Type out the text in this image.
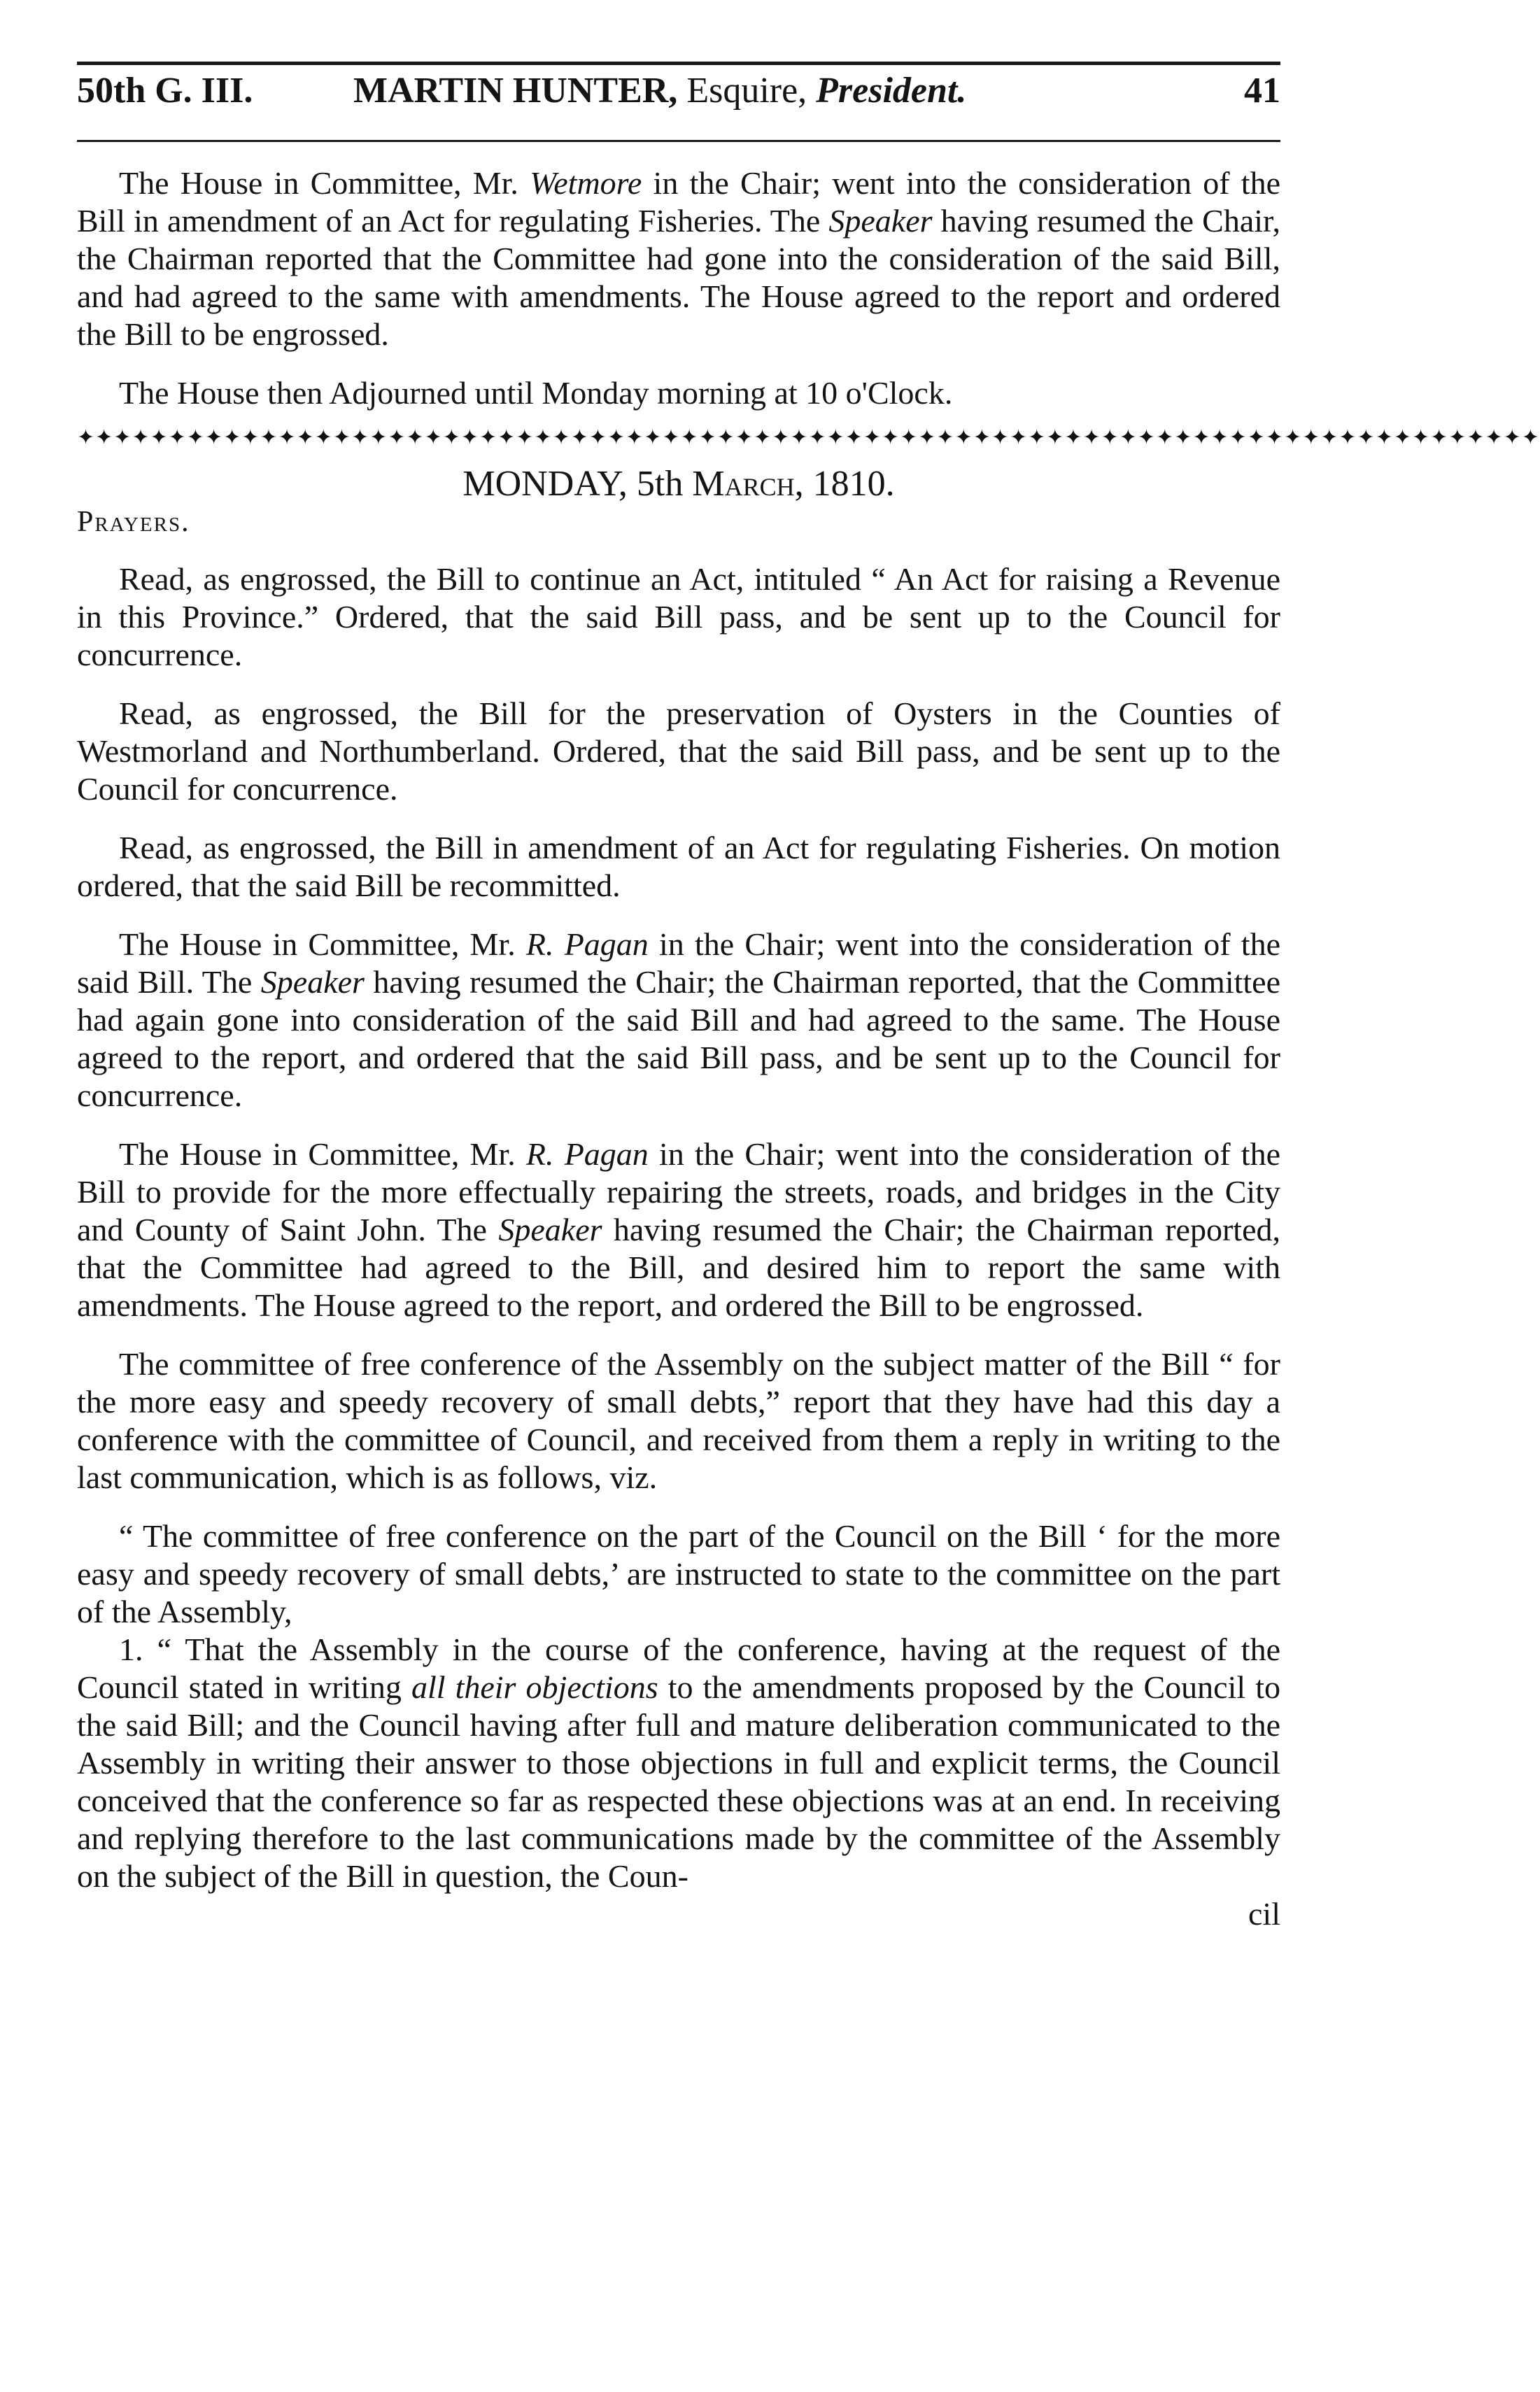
50th G. III.	MARTIN HUNTER, Esquire, President.	41

The House in Committee, Mr. Wetmore in the Chair; went into the consideration of the Bill in amendment of an Act for regulating Fisheries. The Speaker having resumed the Chair, the Chairman reported that the Committee had gone into the consideration of the said Bill, and had agreed to the same with amendments. The House agreed to the report and ordered the Bill to be engrossed.

The House then Adjourned until Monday morning at 10 o'Clock.

✦✦✦✦✦✦✦✦✦✦✦✦✦✦✦✦✦✦✦✦✦✦✦✦✦✦✦✦✦✦✦✦✦✦✦✦✦✦✦✦✦✦✦✦✦✦✦✦✦✦✦✦✦✦✦✦✦✦✦✦✦✦✦✦✦✦✦✦✦✦✦✦✦✦✦✦✦✦✦✦

MONDAY, 5th March, 1810.

Prayers.

Read, as engrossed, the Bill to continue an Act, intituled “ An Act for raising a Revenue in this Province.” Ordered, that the said Bill pass, and be sent up to the Council for concurrence.

Read, as engrossed, the Bill for the preservation of Oysters in the Counties of Westmorland and Northumberland. Ordered, that the said Bill pass, and be sent up to the Council for concurrence.

Read, as engrossed, the Bill in amendment of an Act for regulating Fisheries. On motion ordered, that the said Bill be recommitted.

The House in Committee, Mr. R. Pagan in the Chair; went into the consideration of the said Bill. The Speaker having resumed the Chair; the Chairman reported, that the Committee had again gone into consideration of the said Bill and had agreed to the same. The House agreed to the report, and ordered that the said Bill pass, and be sent up to the Council for concurrence.

The House in Committee, Mr. R. Pagan in the Chair; went into the consideration of the Bill to provide for the more effectually repairing the streets, roads, and bridges in the City and County of Saint John. The Speaker having resumed the Chair; the Chairman reported, that the Committee had agreed to the Bill, and desired him to report the same with amendments. The House agreed to the report, and ordered the Bill to be engrossed.

The committee of free conference of the Assembly on the subject matter of the Bill “ for the more easy and speedy recovery of small debts,” report that they have had this day a conference with the committee of Council, and received from them a reply in writing to the last communication, which is as follows, viz.

“ The committee of free conference on the part of the Council on the Bill ‘ for the more easy and speedy recovery of small debts,’ are instructed to state to the committee on the part of the Assembly,

1. “ That the Assembly in the course of the conference, having at the request of the Council stated in writing all their objections to the amendments proposed by the Council to the said Bill; and the Council having after full and mature deliberation communicated to the Assembly in writing their answer to those objections in full and explicit terms, the Council conceived that the conference so far as respected these objections was at an end. In receiving and replying therefore to the last communications made by the committee of the Assembly on the subject of the Bill in question, the Coun-

cil
